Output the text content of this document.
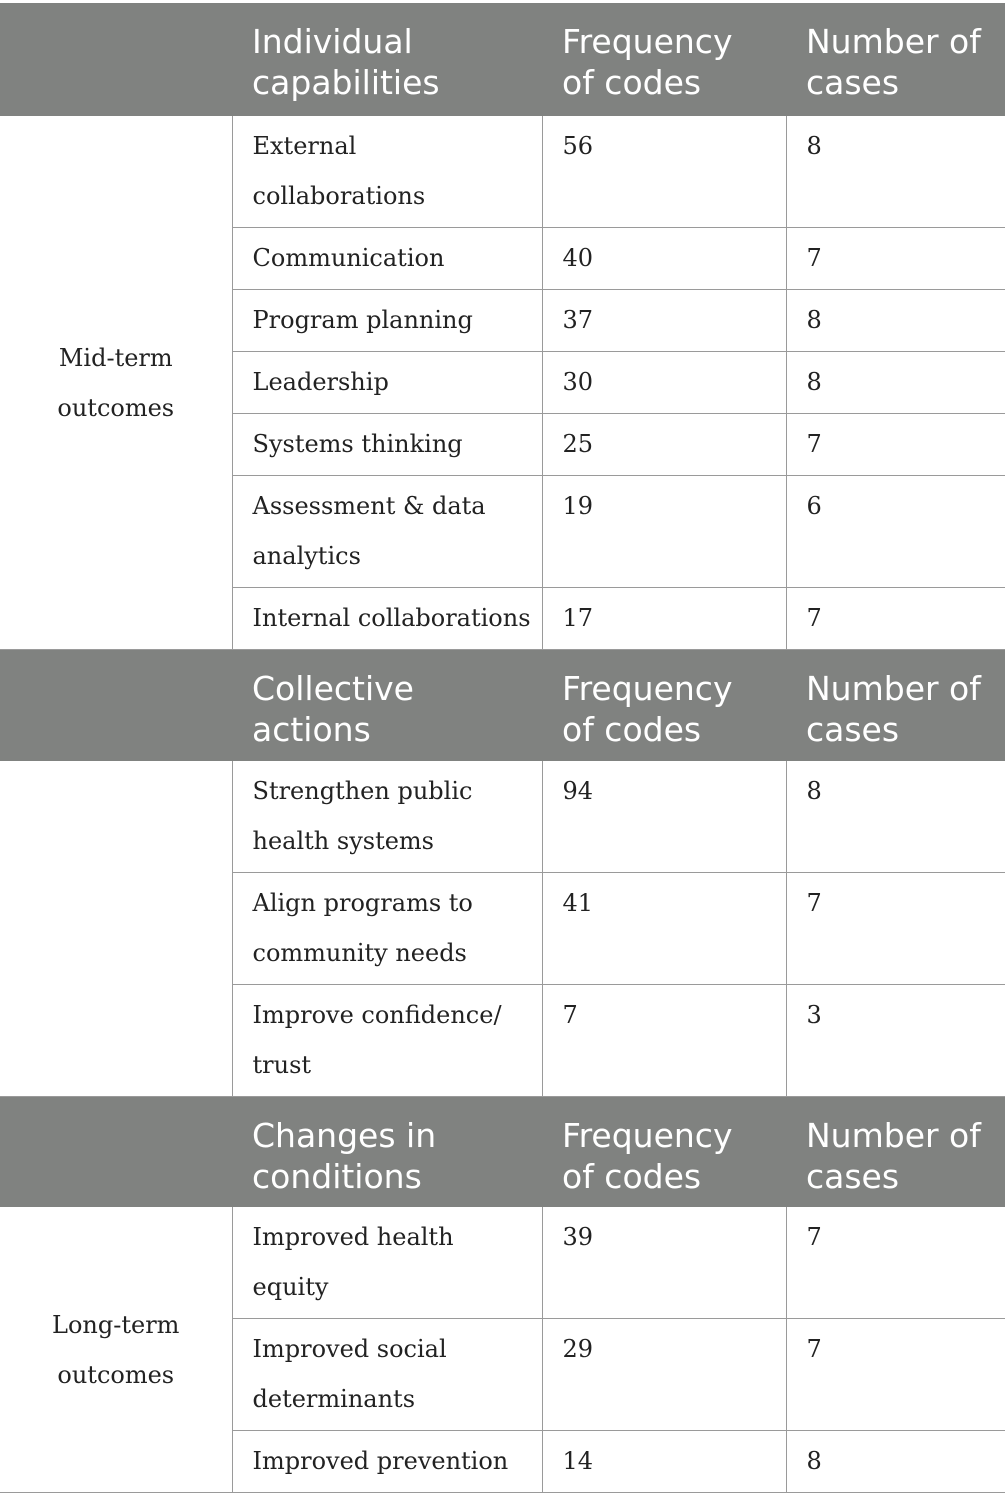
	Individual capabilities	Frequency of codes	Number of cases
Mid-term outcomes	External collaborations	56	8
	Communication	40	7
	Program planning	37	8
	Leadership	30	8
	Systems thinking	25	7
	Assessment & data analytics	19	6
	Internal collaborations	17	7
	Collective actions	Frequency of codes	Number of cases
	Strengthen public health systems	94	8
	Align programs to community needs	41	7
	Improve confidence/ trust	7	3
	Changes in conditions	Frequency of codes	Number of cases
Long-term outcomes	Improved health equity	39	7
	Improved social determinants	29	7
	Improved prevention	14	8
